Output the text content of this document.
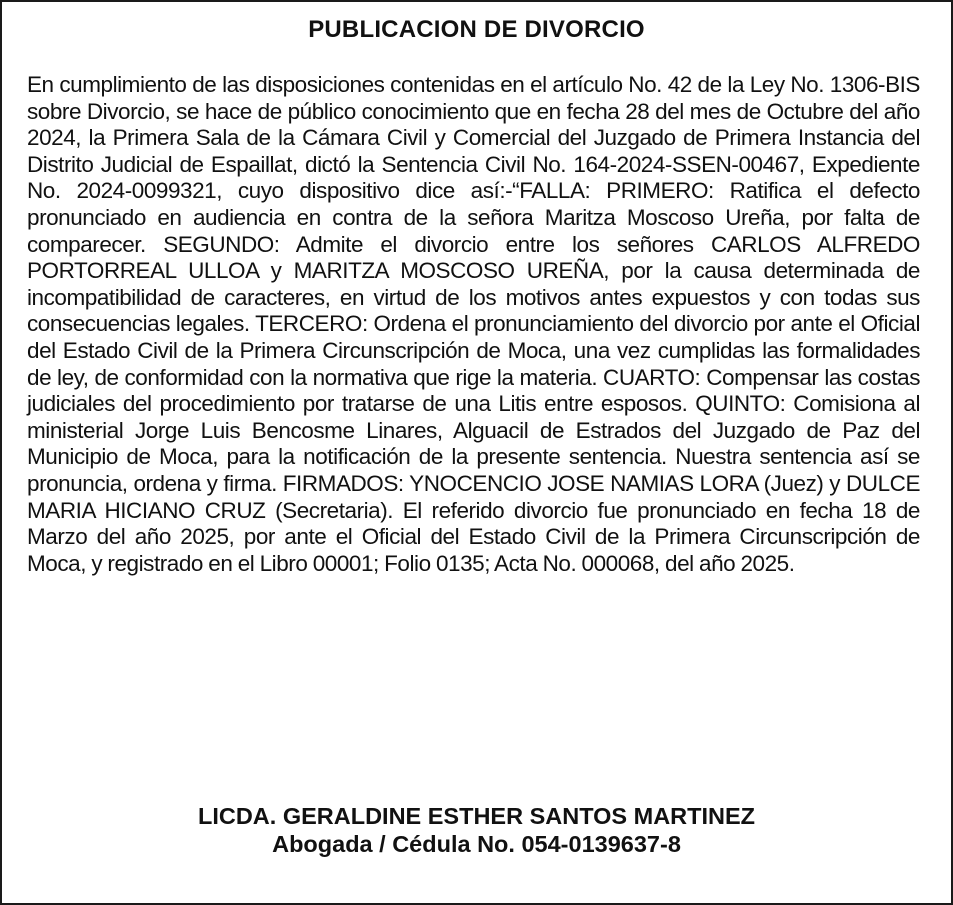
PUBLICACION DE DIVORCIO

En cumplimiento de las disposiciones contenidas en el artículo No. 42 de la Ley No. 1306-BIS sobre Divorcio, se hace de público conocimiento que en fecha 28 del mes de Octubre del año 2024, la Primera Sala de la Cámara Civil y Comercial del Juzgado de Primera Instancia del Distrito Judicial de Espaillat, dictó la Sentencia Civil No. 164-2024-SSEN-00467, Expediente No. 2024-0099321, cuyo dispositivo dice así:-“FALLA: PRIMERO: Ratifica el defecto pronunciado en audiencia en contra de la señora Maritza Moscoso Ureña, por falta de comparecer. SEGUNDO: Admite el divorcio entre los señores CARLOS ALFREDO PORTORREAL ULLOA y MARITZA MOSCOSO UREÑA, por la causa determinada de incompatibilidad de caracteres, en virtud de los motivos antes expuestos y con todas sus consecuencias legales. TERCERO: Ordena el pronunciamiento del divorcio por ante el Oficial del Estado Civil de la Primera Circunscripción de Moca, una vez cumplidas las formalidades de ley, de conformidad con la normativa que rige la materia. CUARTO: Compensar las costas judiciales del procedimiento por tratarse de una Litis entre esposos. QUINTO: Comisiona al ministerial Jorge Luis Bencosme Linares, Alguacil de Estrados del Juzgado de Paz del Municipio de Moca, para la notificación de la presente sentencia. Nuestra sentencia así se pronuncia, ordena y firma. FIRMADOS: YNOCENCIO JOSE NAMIAS LORA (Juez) y DULCE MARIA HICIANO CRUZ (Secretaria). El referido divorcio fue pronunciado en fecha 18 de Marzo del año 2025, por ante el Oficial del Estado Civil de la Primera Circunscripción de Moca, y registrado en el Libro 00001; Folio 0135; Acta No. 000068, del año 2025.

LICDA. GERALDINE ESTHER SANTOS MARTINEZ

Abogada / Cédula No. 054-0139637-8
